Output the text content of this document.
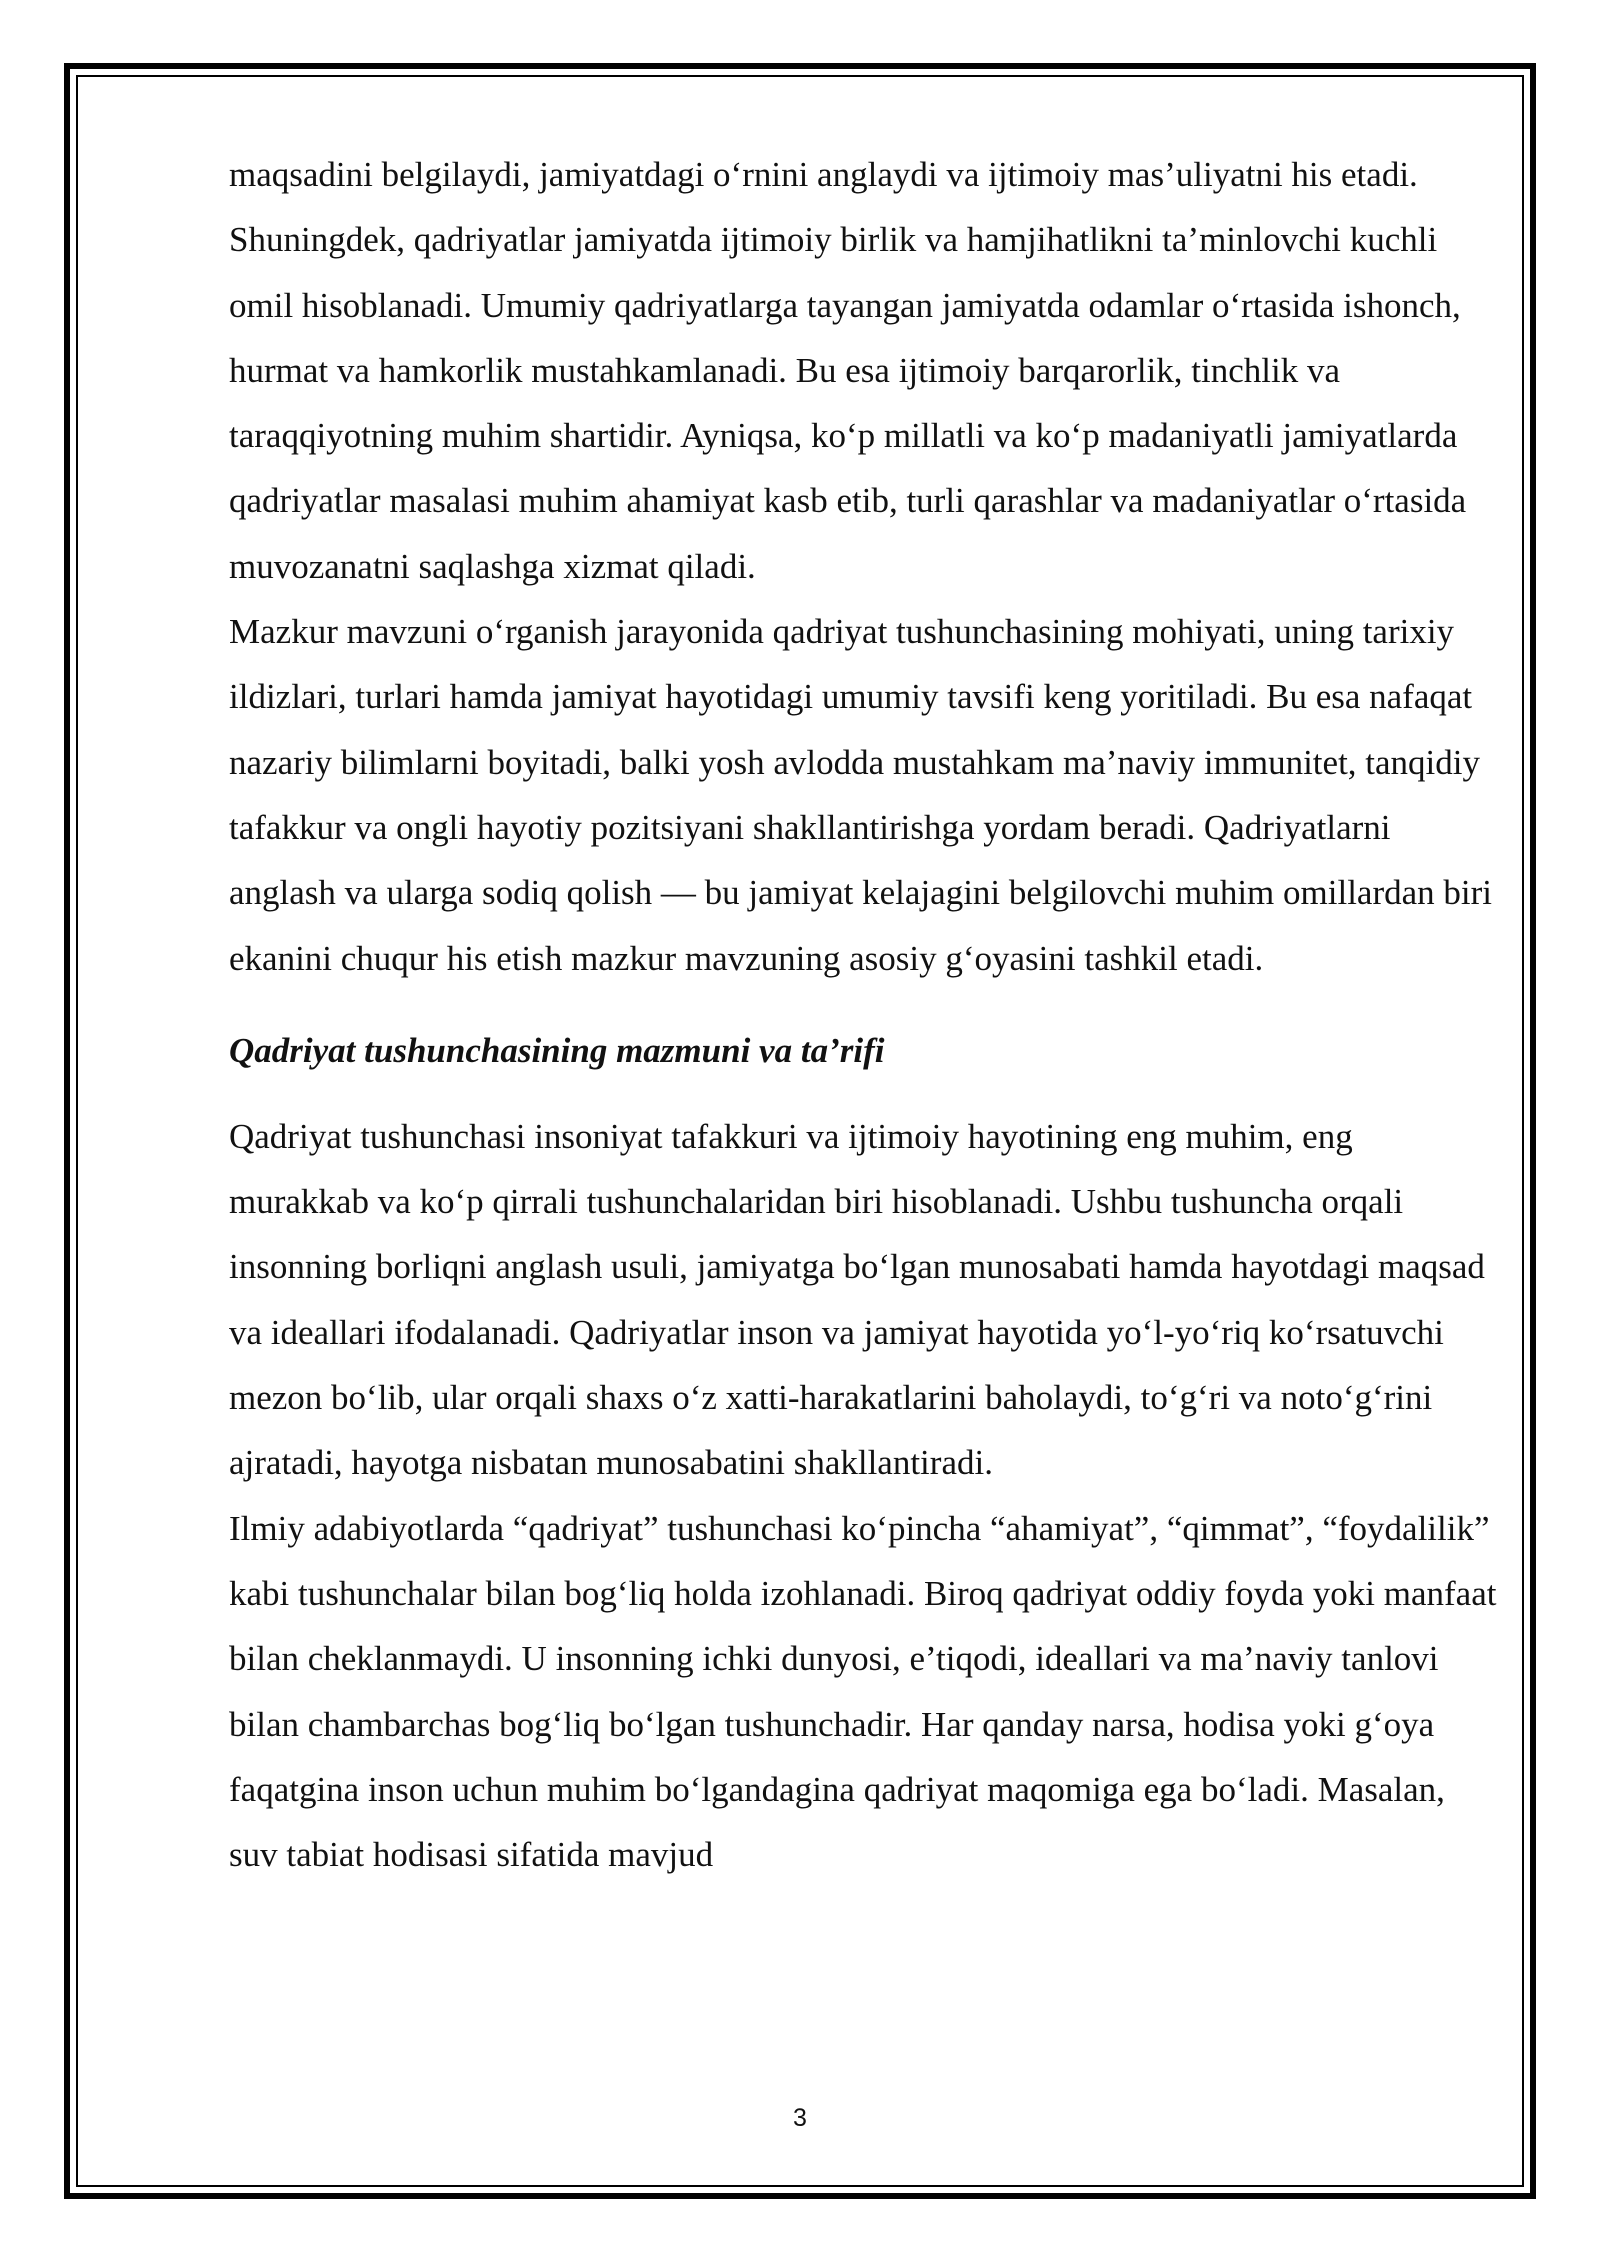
maqsadini belgilaydi, jamiyatdagi o‘rnini anglaydi va ijtimoiy mas’uliyatni his etadi.

Shuningdek, qadriyatlar jamiyatda ijtimoiy birlik va hamjihatlikni ta’minlovchi kuchli omil hisoblanadi. Umumiy qadriyatlarga tayangan jamiyatda odamlar o‘rtasida ishonch, hurmat va hamkorlik mustahkamlanadi. Bu esa ijtimoiy barqarorlik, tinchlik va taraqqiyotning muhim shartidir. Ayniqsa, ko‘p millatli va ko‘p madaniyatli jamiyatlarda qadriyatlar masalasi muhim ahamiyat kasb etib, turli qarashlar va madaniyatlar o‘rtasida muvozanatni saqlashga xizmat qiladi.

Mazkur mavzuni o‘rganish jarayonida qadriyat tushunchasining mohiyati, uning tarixiy ildizlari, turlari hamda jamiyat hayotidagi umumiy tavsifi keng yoritiladi. Bu esa nafaqat nazariy bilimlarni boyitadi, balki yosh avlodda mustahkam ma’naviy immunitet, tanqidiy tafakkur va ongli hayotiy pozitsiyani shakllantirishga yordam beradi. Qadriyatlarni anglash va ularga sodiq qolish — bu jamiyat kelajagini belgilovchi muhim omillardan biri ekanini chuqur his etish mazkur mavzuning asosiy g‘oyasini tashkil etadi.

Qadriyat tushunchasining mazmuni va ta’rifi

Qadriyat tushunchasi insoniyat tafakkuri va ijtimoiy hayotining eng muhim, eng murakkab va ko‘p qirrali tushunchalaridan biri hisoblanadi. Ushbu tushuncha orqali insonning borliqni anglash usuli, jamiyatga bo‘lgan munosabati hamda hayotdagi maqsad va ideallari ifodalanadi. Qadriyatlar inson va jamiyat hayotida yo‘l-yo‘riq ko‘rsatuvchi mezon bo‘lib, ular orqali shaxs o‘z xatti-harakatlarini baholaydi, to‘g‘ri va noto‘g‘rini ajratadi, hayotga nisbatan munosabatini shakllantiradi.

Ilmiy adabiyotlarda “qadriyat” tushunchasi ko‘pincha “ahamiyat”, “qimmat”, “foydalilik” kabi tushunchalar bilan bog‘liq holda izohlanadi. Biroq qadriyat oddiy foyda yoki manfaat bilan cheklanmaydi. U insonning ichki dunyosi, e’tiqodi, ideallari va ma’naviy tanlovi bilan chambarchas bog‘liq bo‘lgan tushunchadir. Har qanday narsa, hodisa yoki g‘oya faqatgina inson uchun muhim bo‘lgandagina qadriyat maqomiga ega bo‘ladi. Masalan, suv tabiat hodisasi sifatida mavjud

3
